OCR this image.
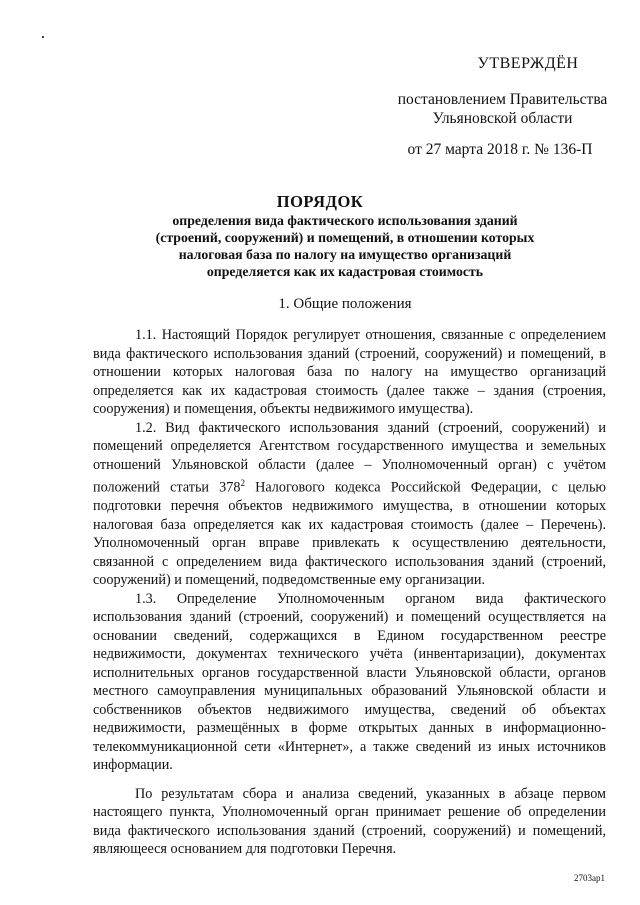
УТВЕРЖДЁН
постановлением Правительства Ульяновской области
от 27 марта 2018 г. № 136-П
ПОРЯДОК
определения вида фактического использования зданий (строений, сооружений) и помещений, в отношении которых налоговая база по налогу на имущество организаций определяется как их кадастровая стоимость
1. Общие положения

1.1. Настоящий Порядок регулирует отношения, связанные с определением вида фактического использования зданий (строений, сооружений) и помещений, в отношении которых налоговая база по налогу на имущество организаций определяется как их кадастровая стоимость (далее также – здания (строения, сооружения) и помещения, объекты недвижимого имущества).

1.2. Вид фактического использования зданий (строений, сооружений) и помещений определяется Агентством государственного имущества и земельных отношений Ульяновской области (далее – Уполномоченный орган) с учётом положений статьи $378^2$ Налогового кодекса Российской Федерации, с целью подготовки перечня объектов недвижимого имущества, в отношении которых налоговая база определяется как их кадастровая стоимость (далее – Перечень). Уполномоченный орган вправе привлекать к осуществлению деятельности, связанной с определением вида фактического использования зданий (строений, сооружений) и помещений, подведомственные ему организации.

1.3. Определение Уполномоченным органом вида фактического использования зданий (строений, сооружений) и помещений осуществляется на основании сведений, содержащихся в Едином государственном реестре недвижимости, документах технического учёта (инвентаризации), документах исполнительных органов государственной власти Ульяновской области, органов местного самоуправления муниципальных образований Ульяновской области и собственников объектов недвижимого имущества, сведений об объектах недвижимости, размещённых в форме открытых данных в информационно-телекоммуникационной сети «Интернет», а также сведений из иных источников информации.

По результатам сбора и анализа сведений, указанных в абзаце первом настоящего пункта, Уполномоченный орган принимает решение об определении вида фактического использования зданий (строений, сооружений) и помещений, являющееся основанием для подготовки Перечня.

2703ар1
